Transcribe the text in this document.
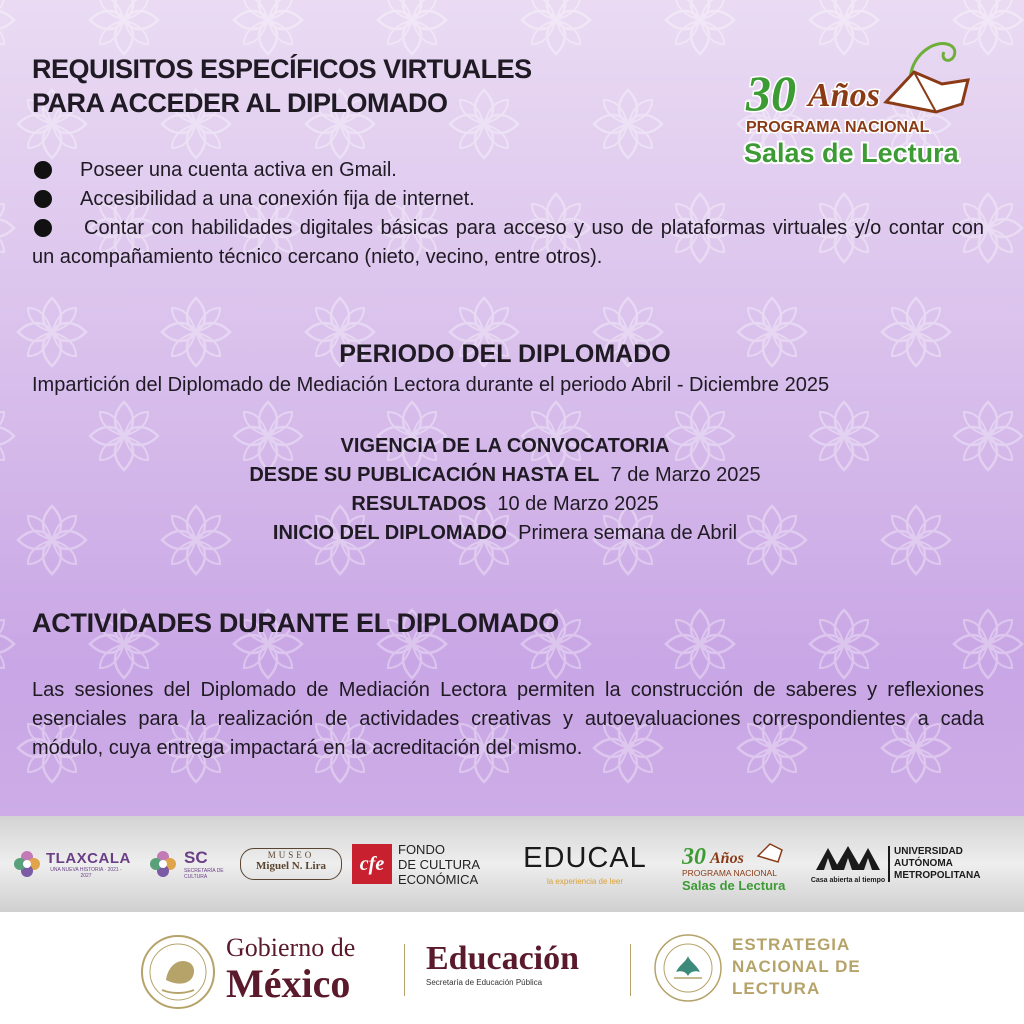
REQUISITOS ESPECÍFICOS VIRTUALES
PARA ACCEDER AL DIPLOMADO
Poseer una cuenta activa en Gmail.
Accesibilidad a una conexión fija de internet.
Contar con habilidades digitales básicas para acceso y uso de plataformas virtuales y/o contar con un acompañamiento técnico cercano (nieto, vecino, entre otros).
PERIODO DEL DIPLOMADO
Impartición del Diplomado de Mediación Lectora durante el periodo Abril - Diciembre 2025
VIGENCIA DE LA CONVOCATORIA
DESDE SU PUBLICACIÓN HASTA EL 7 de Marzo 2025
RESULTADOS 10 de Marzo 2025
INICIO DEL DIPLOMADO Primera semana de Abril
ACTIVIDADES DURANTE EL DIPLOMADO
Las sesiones del Diplomado de Mediación Lectora permiten la construcción de saberes y reflexiones esenciales para la realización de actividades creativas y autoevaluaciones correspondientes a cada módulo, cuya entrega impactará en la acreditación del mismo.
30 Años
PROGRAMA NACIONAL
Salas de Lectura
TLAXCALA
UNA NUEVA HISTORIA · 2021 - 2027
SC
SECRETARÍA DE CULTURA
MUSEO
Miguel N. Lira	cfe
FONDO
DE CULTURA
ECONÓMICA
EDUCAL
la experiencia de leer
30 Años
PROGRAMA NACIONAL
Salas de Lectura	Casa abierta al tiempo
UNIVERSIDAD
AUTÓNOMA
METROPOLITANA
Gobierno de
México
Educación
Secretaría de Educación Pública
ESTRATEGIA
NACIONAL DE
LECTURA
